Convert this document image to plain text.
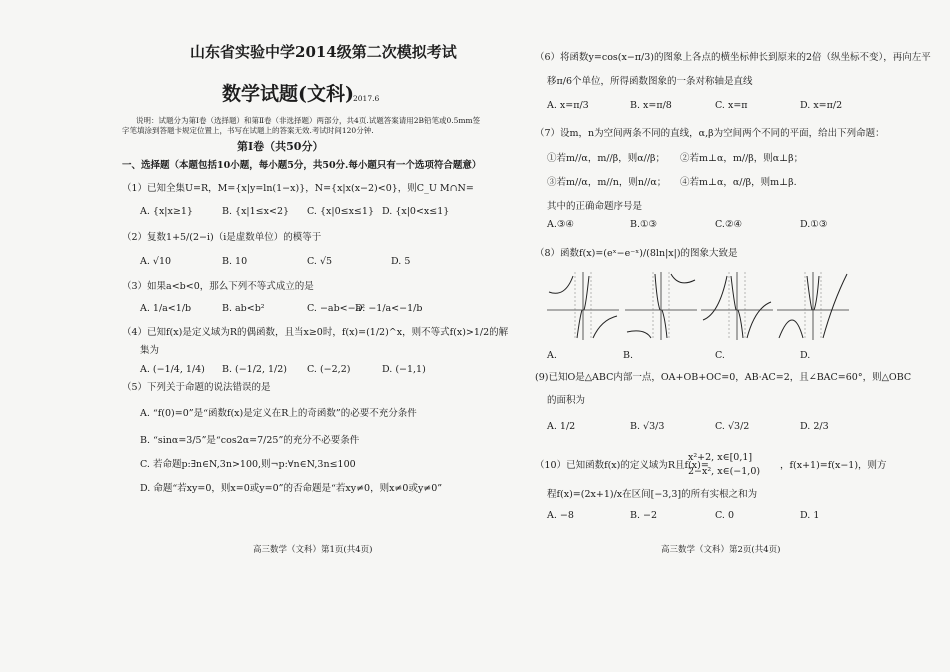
山东省实验中学2014级第二次模拟考试
数学试题(文科) 2017.6
说明：试题分为第Ⅰ卷（选择题）和第Ⅱ卷（非选择题）两部分，共4页.试题答案请用2B铅笔或0.5mm签
字笔填涂到答题卡规定位置上，书写在试题上的答案无效.考试时间120分钟.
第Ⅰ卷（共50分）
一、选择题（本题包括10小题，每小题5分，共50分.每小题只有一个选项符合题意）
（1）已知全集U=R，M={x|y=ln(1−x)}，N={x|x(x−2)<0}，则C_U M∩N=
A. {x|x≥1}	B. {x|1≤x<2} C. {x|0≤x≤1} D. {x|0<x≤1}
（2）复数1+5/(2−i)（i是虚数单位）的模等于
A. √10	B. 10	C. √5	D. 5
（3）如果a<b<0，那么下列不等式成立的是
A. 1/a<1/b	B. ab<b²	C. −ab<−a²
D. −1/a<−1/b
（4）已知f(x)是定义域为R的偶函数，且当x≥0时，f(x)=(1/2)^x，则不等式f(x)>1/2的解
集为
A. (−1/4, 1/4) B. (−1/2, 1/2) C. (−2,2)	D. (−1,1)
（5）下列关于命题的说法错误的是
A. “f(0)=0”是“函数f(x)是定义在R上的奇函数”的必要不充分条件
B. “sinα=3/5”是“cos2α=7/25”的充分不必要条件
C. 若命题p:∃n∈N,3n>100,则¬p:∀n∈N,3n≤100
D. 命题“若xy=0，则x=0或y=0”的否命题是“若xy≠0，则x≠0或y≠0”
高三数学（文科）第1页(共4页)
（6）将函数y=cos(x−π/3)的图象上各点的横坐标伸长到原来的2倍（纵坐标不变），再向左平
移π/6个单位，所得函数图象的一条对称轴是直线
A. x=π/3	B. x=π/8	C. x=π	D. x=π/2
（7）设m，n为空间两条不同的直线，α,β为空间两个不同的平面，给出下列命题：
①若m//α，m//β，则α//β； ②若m⊥α，m//β，则α⊥β；
③若m//α，m//n，则n//α； ④若m⊥α，α//β，则m⊥β.
其中的正确命题序号是
A.③④	B.①③	C.②④	D.①③
（8）函数f(x)=(eˣ−e⁻ˣ)/(8ln|x|)的图象大致是
A.	B.	C.	D.
(9)已知O是△ABC内部一点，OA+OB+OC=0，AB·AC=2，且∠BAC=60°，则△OBC
的面积为
A. 1/2	B. √3/3	C. √3/2	D. 2/3
（10）已知函数f(x)的定义域为R且f(x)=
x²+2, x∈[0,1]
2−x², x∈(−1,0)
，f(x+1)=f(x−1)，则方
程f(x)=(2x+1)/x在区间[−3,3]的所有实根之和为
A. −8	B. −2	C. 0	D. 1
高三数学（文科）第2页(共4页)
